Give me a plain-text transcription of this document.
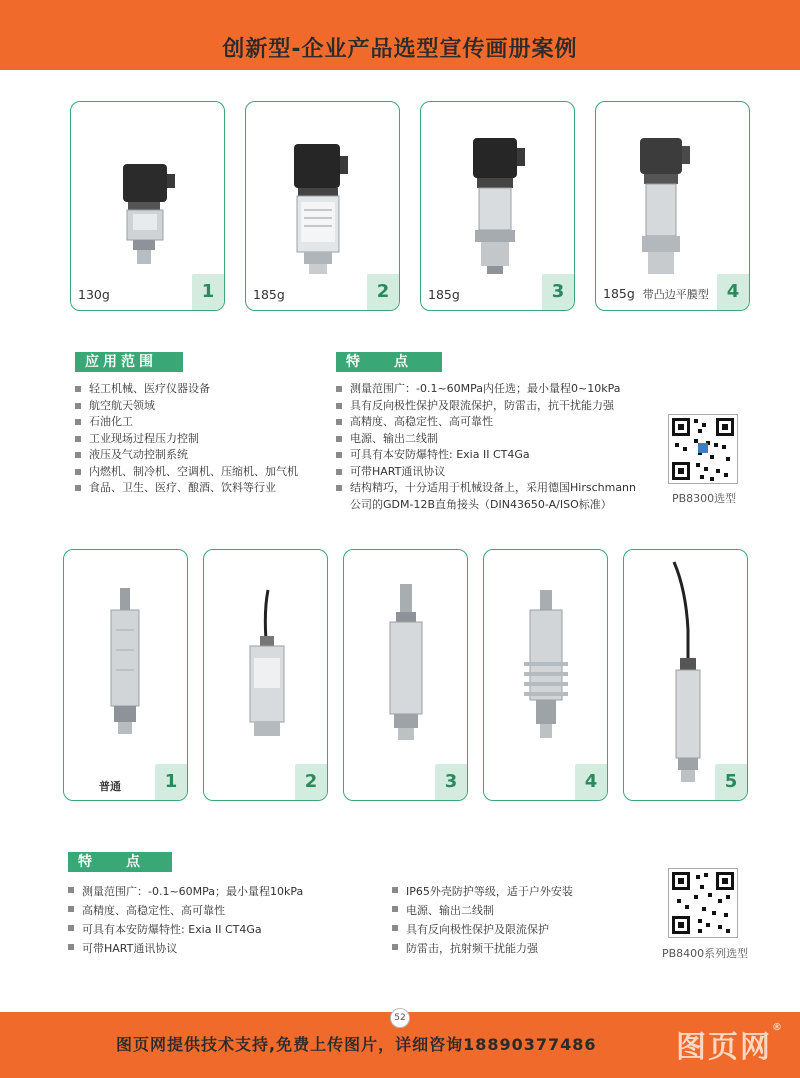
创新型-企业产品选型宣传画册案例
130g	1	185g	2	185g	3	185g 带凸边平膜型 4
应用范围
轻工机械、医疗仪器设备
航空航天领域
石油化工
工业现场过程压力控制
液压及气动控制系统
内燃机、制冷机、空调机、压缩机、加气机
食品、卫生、医疗、酿酒、饮料等行业
特 点
测量范围广：-0.1~60MPa内任选；最小量程0~10kPa
具有反向极性保护及限流保护，防雷击，抗干扰能力强
高精度、高稳定性、高可靠性
电源、输出二线制
可具有本安防爆特性: Exia II CT4Ga
可带HART通讯协议
结构精巧，十分适用于机械设备上，采用德国Hirschmann
公司的GDM-12B直角接头（DIN43650-A/ISO标准）	PB8300选型
普通	1	2	3	4	5
特 点
测量范围广：-0.1~60MPa；最小量程10kPa
高精度、高稳定性、高可靠性
可具有本安防爆特性: Exia II CT4Ga
可带HART通讯协议
IP65外壳防护等级，适于户外安装
电源、输出二线制
具有反向极性保护及限流保护
防雷击，抗射频干扰能力强	PB8400系列选型
52
图页网提供技术支持,免费上传图片，详细咨询18890377486	图页网®
